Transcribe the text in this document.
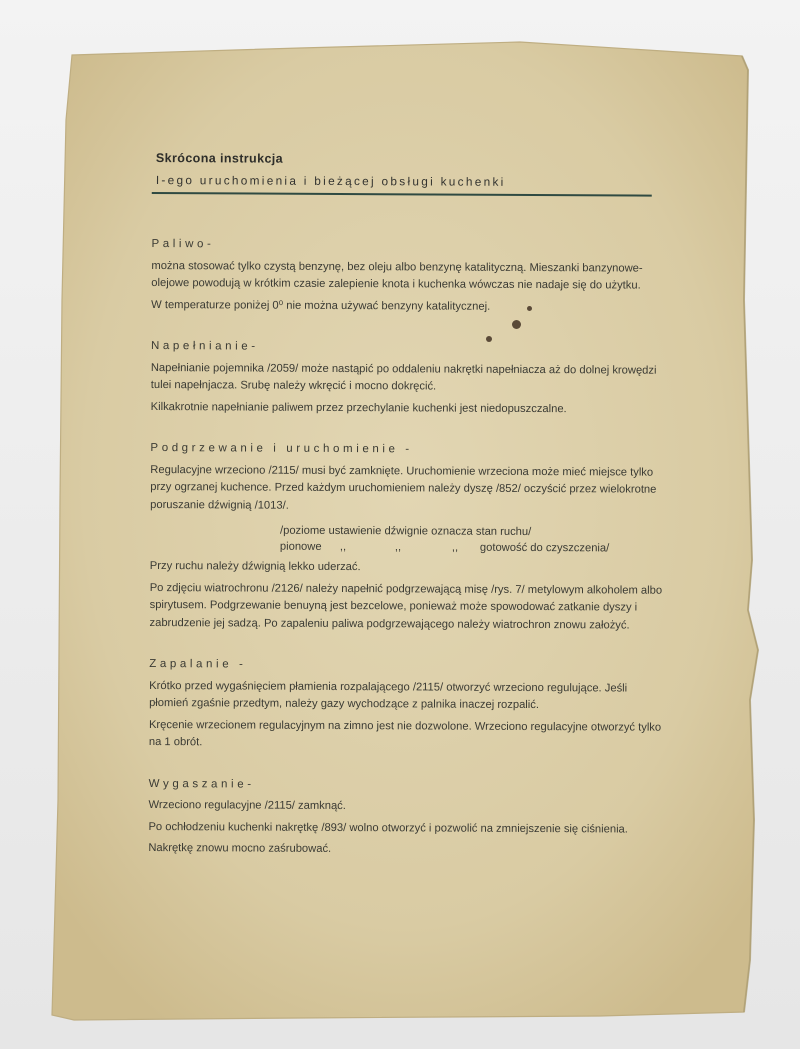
Skrócona instrukcja
I-ego uruchomienia i bieżącej obsługi kuchenki
Paliwo-

można stosować tylko czystą benzynę, bez oleju albo benzynę katalityczną. Mieszanki banzynowe-olejowe powodują w krótkim czasie zalepienie knota i kuchenka wówczas nie nadaje się do użytku.

W temperaturze poniżej 0⁰ nie można używać benzyny katalitycznej.

Napełnianie-

Napełnianie pojemnika /2059/ może nastąpić po oddaleniu nakrętki napełniacza aż do dolnej krowędzi tulei napełnjacza. Srubę należy wkręcić i mocno dokręcić.

Kilkakrotnie napełnianie paliwem przez przechylanie kuchenki jest niedopuszczalne.

Podgrzewanie i uruchomienie -

Regulacyjne wrzeciono /2115/ musi być zamknięte. Uruchomienie wrzeciona może mieć miejsce tylko przy ogrzanej kuchence. Przed każdym uruchomieniem należy dyszę /852/ oczyścić przez wielokrotne poruszanie dźwignią /1013/.

/poziome ustawienie dźwignie oznacza stan ruchu/
pionowe ,,	,,	,, gotowość do czyszczenia/

Przy ruchu należy dźwignią lekko uderzać.

Po zdjęciu wiatrochronu /2126/ należy napełnić podgrzewającą misę /rys. 7/ metylowym alkoholem albo spirytusem. Podgrzewanie benuyną jest bezcelowe, ponieważ może spowodować zatkanie dyszy i zabrudzenie jej sadzą. Po zapaleniu paliwa podgrzewającego należy wiatrochron znowu założyć.

Zapalanie -

Krótko przed wygaśnięciem płamienia rozpalającego /2115/ otworzyć wrzeciono regulujące. Jeśli płomień zgaśnie przedtym, należy gazy wychodzące z palnika inaczej rozpalić.

Kręcenie wrzecionem regulacyjnym na zimno jest nie dozwolone. Wrzeciono regulacyjne otworzyć tylko na 1 obrót.

Wygaszanie-

Wrzeciono regulacyjne /2115/ zamknąć.

Po ochłodzeniu kuchenki nakrętkę /893/ wolno otworzyć i pozwolić na zmniejszenie się ciśnienia.

Nakrętkę znowu mocno zaśrubować.
